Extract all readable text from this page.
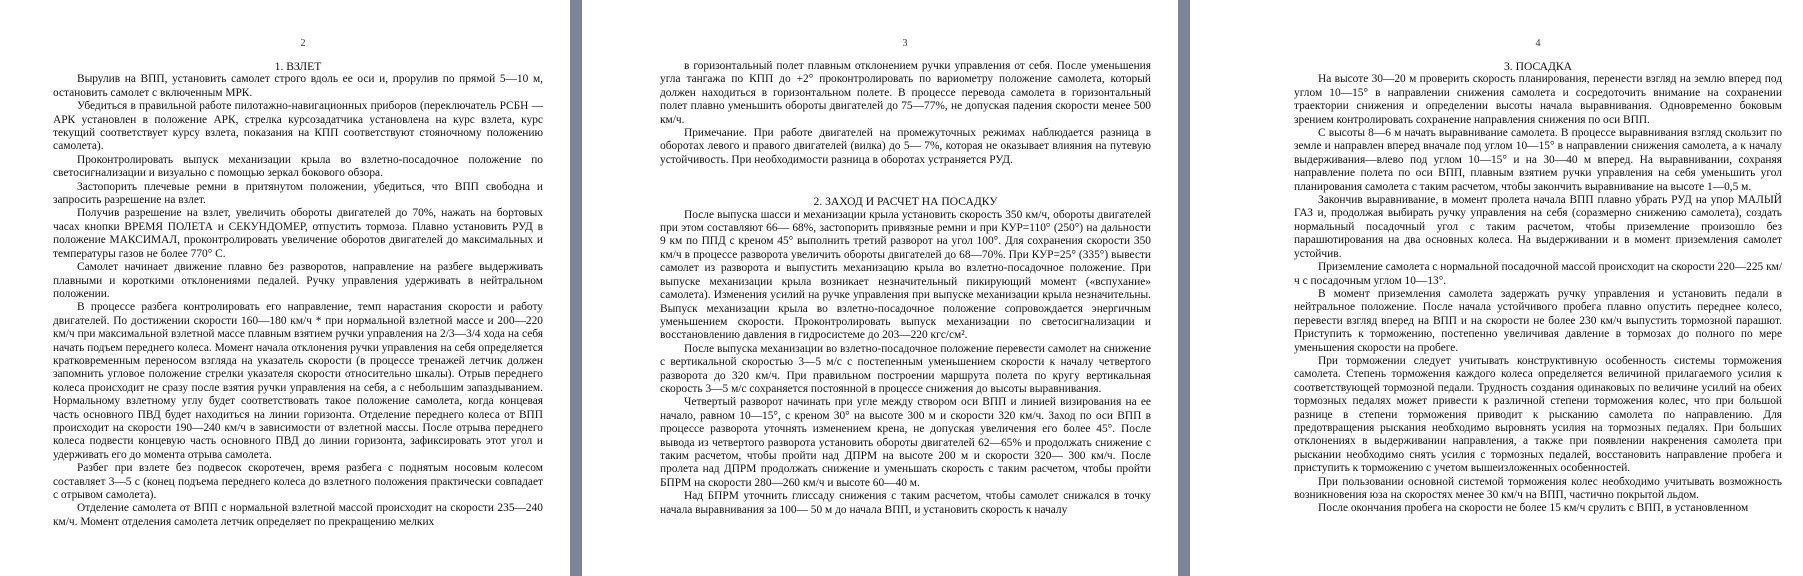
2
1. ВЗЛЕТ

Вырулив на ВПП, установить самолет строго вдоль ее оси и, прорулив по прямой 5—10 м, остановить самолет с включенным МРК.

Убедиться в правильной работе пилотажно-навигационных приборов (переключатель РСБН — АРК установлен в положение АРК, стрелка курсозадатчика установлена на курс взлета, курс текущий соответствует курсу взлета, показания на КПП соответствуют стояночному положению самолета).

Проконтролировать выпуск механизации крыла во взлетно-посадочное положение по светосигнализации и визуально с помощью зеркал бокового обзора.

Застопорить плечевые ремни в притянутом положении, убедиться, что ВПП свободна и запросить разрешение на взлет.

Получив разрешение на взлет, увеличить обороты двигателей до 70%, нажать на бортовых часах кнопки ВРЕМЯ ПОЛЕТА и СЕКУНДОМЕР, отпустить тормоза. Плавно установить РУД в положение МАКСИМАЛ, проконтролировать увеличение оборотов двигателей до максимальных и температуры газов не более 770° С.

Самолет начинает движение плавно без разворотов, направление на разбеге выдерживать плавными и короткими отклонениями педалей. Ручку управления удерживать в нейтральном положении.

В процессе разбега контролировать его направление, темп нарастания скорости и работу двигателей. По достижении скорости 160—180 км/ч * при нормальной взлетной массе и 200—220 км/ч при максимальной взлетной массе плавным взятием ручки управления на 2/3—3/4 хода на себя начать подъем переднего колеса. Момент начала отклонения ручки управления на себя определяется кратковременным переносом взгляда на указатель скорости (в процессе тренажей летчик должен запомнить угловое положение стрелки указателя скорости относительно шкалы). Отрыв переднего колеса происходит не сразу после взятия ручки управления на себя, а с небольшим запаздыванием. Нормальному взлетному углу будет соответствовать такое положение самолета, когда концевая часть основного ПВД будет находиться на линии горизонта. Отделение переднего колеса от ВПП происходит на скорости 190—240 км/ч в зависимости от взлетной массы. После отрыва переднего колеса подвести концевую часть основного ПВД до линии горизонта, зафиксировать этот угол и удерживать его до момента отрыва самолета.

Разбег при взлете без подвесок скоротечен, время разбега с поднятым носовым колесом составляет 3—5 с (конец подъема переднего колеса до взлетного положения практически совпадает с отрывом самолета).

Отделение самолета от ВПП с нормальной взлетной массой происходит на скорости 235—240 км/ч. Момент отделения самолета летчик определяет по прекращению мелких

3

в горизонтальный полет плавным отклонением ручки управления от себя. После уменьшения угла тангажа по КПП до +2° проконтролировать по вариометру положение самолета, который должен находиться в горизонтальном полете. В процессе перевода самолета в горизонтальный полет плавно уменьшить обороты двигателей до 75—77%, не допуская падения скорости менее 500 км/ч.

Примечание. При работе двигателей на промежуточных режимах наблюдается разница в оборотах левого и правого двигателей (вилка) до 5— 7%, которая не оказывает влияния на путевую устойчивость. При необходимости разница в оборотах устраняется РУД.

2. ЗАХОД И РАСЧЕТ НА ПОСАДКУ

После выпуска шасси и механизации крыла установить скорость 350 км/ч, обороты двигателей при этом составляют 66— 68%, застопорить привязные ремни и при КУР=110° (250°) на дальности 9 км по ППД с креном 45° выполнить третий разворот на угол 100°. Для сохранения скорости 350 км/ч в процессе разворота увеличить обороты двигателей до 68—70%. При КУР=25° (335°) вывести самолет из разворота и выпустить механизацию крыла во взлетно-посадочное положение. При выпуске механизации крыла возникает незначительный пикирующий момент («вспухание» самолета). Изменения усилий на ручке управления при выпуске механизации крыла незначительны. Выпуск механизации крыла во взлетно-посадочное положение сопровождается энергичным уменьшением скорости. Проконтролировать выпуск механизации по светосигнализации и восстановлению давления в гидросистеме до 203—220 кгс/см².

После выпуска механизации во взлетно-посадочное положение перевести самолет на снижение с вертикальной скоростью 3—5 м/с с постепенным уменьшением скорости к началу четвертого разворота до 320 км/ч. При правильном построении маршрута полета по кругу вертикальная скорость 3—5 м/с сохраняется постоянной в процессе снижения до высоты выравнивания.

Четвертый разворот начинать при угле между створом оси ВПП и линией визирования на ее начало, равном 10—15°, с креном 30° на высоте 300 м и скорости 320 км/ч. Заход по оси ВПП в процессе разворота уточнять изменением крена, не допуская увеличения его более 45°. После вывода из четвертого разворота установить обороты двигателей 62—65% и продолжать снижение с таким расчетом, чтобы пройти над ДПРМ на высоте 200 м и скорости 320— 300 км/ч. После пролета над ДПРМ продолжать снижение и уменьшать скорость с таким расчетом, чтобы пройти БПРМ на скорости 280—260 км/ч и высоте 60—40 м.

Над БПРМ уточнить глиссаду снижения с таким расчетом, чтобы самолет снижался в точку начала выравнивания за 100— 50 м до начала ВПП, и установить скорость к началу

4
3. ПОСАДКА

На высоте 30—20 м проверить скорость планирования, перенести взгляд на землю вперед под углом 10—15° в направлении снижения самолета и сосредоточить внимание на сохранении траектории снижения и определении высоты начала выравнивания. Одновременно боковым зрением контролировать сохранение направления снижения по оси ВПП.

С высоты 8—6 м начать выравнивание самолета. В процессе выравнивания взгляд скользит по земле и направлен вперед вначале под углом 10—15° в направлении снижения самолета, а к началу выдерживания—влево под углом 10—15° и на 30—40 м вперед. На выравнивании, сохраняя направление полета по оси ВПП, плавным взятием ручки управления на себя уменьшить угол планирования самолета с таким расчетом, чтобы закончить выравнивание на высоте 1—0,5 м.

Закончив выравнивание, в момент пролета начала ВПП плавно убрать РУД на упор МАЛЫЙ ГАЗ и, продолжая выбирать ручку управления на себя (соразмерно снижению самолета), создать нормальный посадочный угол с таким расчетом, чтобы приземление произошло без парашютирования на два основных колеса. На выдерживании и в момент приземления самолет устойчив.

Приземление самолета с нормальной посадочной массой происходит на скорости 220—225 км/ч с посадочным углом 10—13°.

В момент приземления самолета задержать ручку управления и установить педали в нейтральное положение. После начала устойчивого пробега плавно опустить переднее колесо, перевести взгляд вперед на ВПП и на скорости не более 230 км/ч выпустить тормозной парашют. Приступить к торможению, постепенно увеличивая давление в тормозах до полного по мере уменьшения скорости на пробеге.

При торможении следует учитывать конструктивную особенность системы торможения самолета. Степень торможения каждого колеса определяется величиной прилагаемого усилия к соответствующей тормозной педали. Трудность создания одинаковых по величине усилий на обеих тормозных педалях может привести к различной степени торможения колес, что при большой разнице в степени торможения приводит к рысканию самолета по направлению. Для предотвращения рыскания необходимо выровнять усилия на тормозных педалях. При больших отклонениях в выдерживании направления, а также при появлении накренения самолета при рыскании необходимо снять усилия с тормозных педалей, восстановить направление пробега и приступить к торможению с учетом вышеизложенных особенностей.

При пользовании основной системой торможения колес необходимо учитывать возможность возникновения юза на скоростях менее 30 км/ч на ВПП, частично покрытой льдом.

После окончания пробега на скорости не более 15 км/ч срулить с ВПП, в установленном
